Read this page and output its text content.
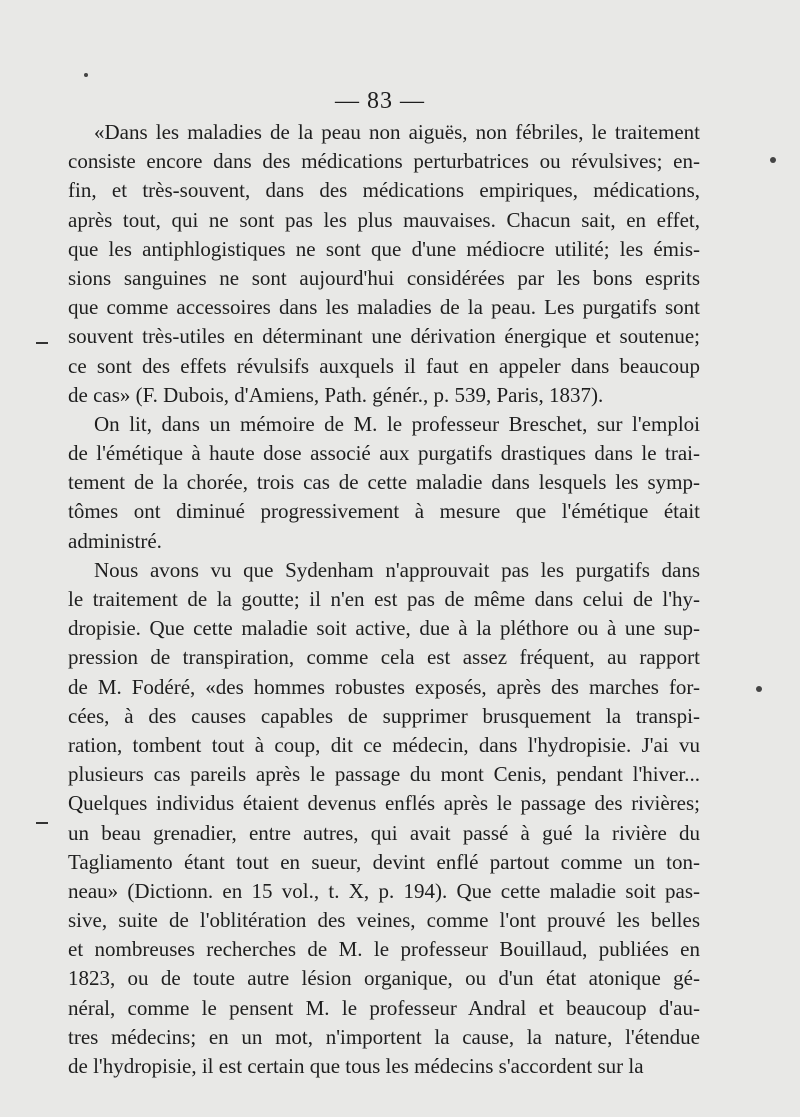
— 83 —
«Dans les maladies de la peau non aiguës, non fébriles, le traitement
consiste encore dans des médications perturbatrices ou révulsives; en-
fin, et très-souvent, dans des médications empiriques, médications,
après tout, qui ne sont pas les plus mauvaises. Chacun sait, en effet,
que les antiphlogistiques ne sont que d'une médiocre utilité; les émis-
sions sanguines ne sont aujourd'hui considérées par les bons esprits
que comme accessoires dans les maladies de la peau. Les purgatifs sont
souvent très-utiles en déterminant une dérivation énergique et soutenue;
ce sont des effets révulsifs auxquels il faut en appeler dans beaucoup
de cas» (F. Dubois, d'Amiens, Path. génér., p. 539, Paris, 1837).
On lit, dans un mémoire de M. le professeur Breschet, sur l'emploi
de l'émétique à haute dose associé aux purgatifs drastiques dans le trai-
tement de la chorée, trois cas de cette maladie dans lesquels les symp-
tômes ont diminué progressivement à mesure que l'émétique était
administré.
Nous avons vu que Sydenham n'approuvait pas les purgatifs dans
le traitement de la goutte; il n'en est pas de même dans celui de l'hy-
dropisie. Que cette maladie soit active, due à la pléthore ou à une sup-
pression de transpiration, comme cela est assez fréquent, au rapport
de M. Fodéré, «des hommes robustes exposés, après des marches for-
cées, à des causes capables de supprimer brusquement la transpi-
ration, tombent tout à coup, dit ce médecin, dans l'hydropisie. J'ai vu
plusieurs cas pareils après le passage du mont Cenis, pendant l'hiver...
Quelques individus étaient devenus enflés après le passage des rivières;
un beau grenadier, entre autres, qui avait passé à gué la rivière du
Tagliamento étant tout en sueur, devint enflé partout comme un ton-
neau» (Dictionn. en 15 vol., t. X, p. 194). Que cette maladie soit pas-
sive, suite de l'oblitération des veines, comme l'ont prouvé les belles
et nombreuses recherches de M. le professeur Bouillaud, publiées en
1823, ou de toute autre lésion organique, ou d'un état atonique gé-
néral, comme le pensent M. le professeur Andral et beaucoup d'au-
tres médecins; en un mot, n'importent la cause, la nature, l'étendue
de l'hydropisie, il est certain que tous les médecins s'accordent sur la
